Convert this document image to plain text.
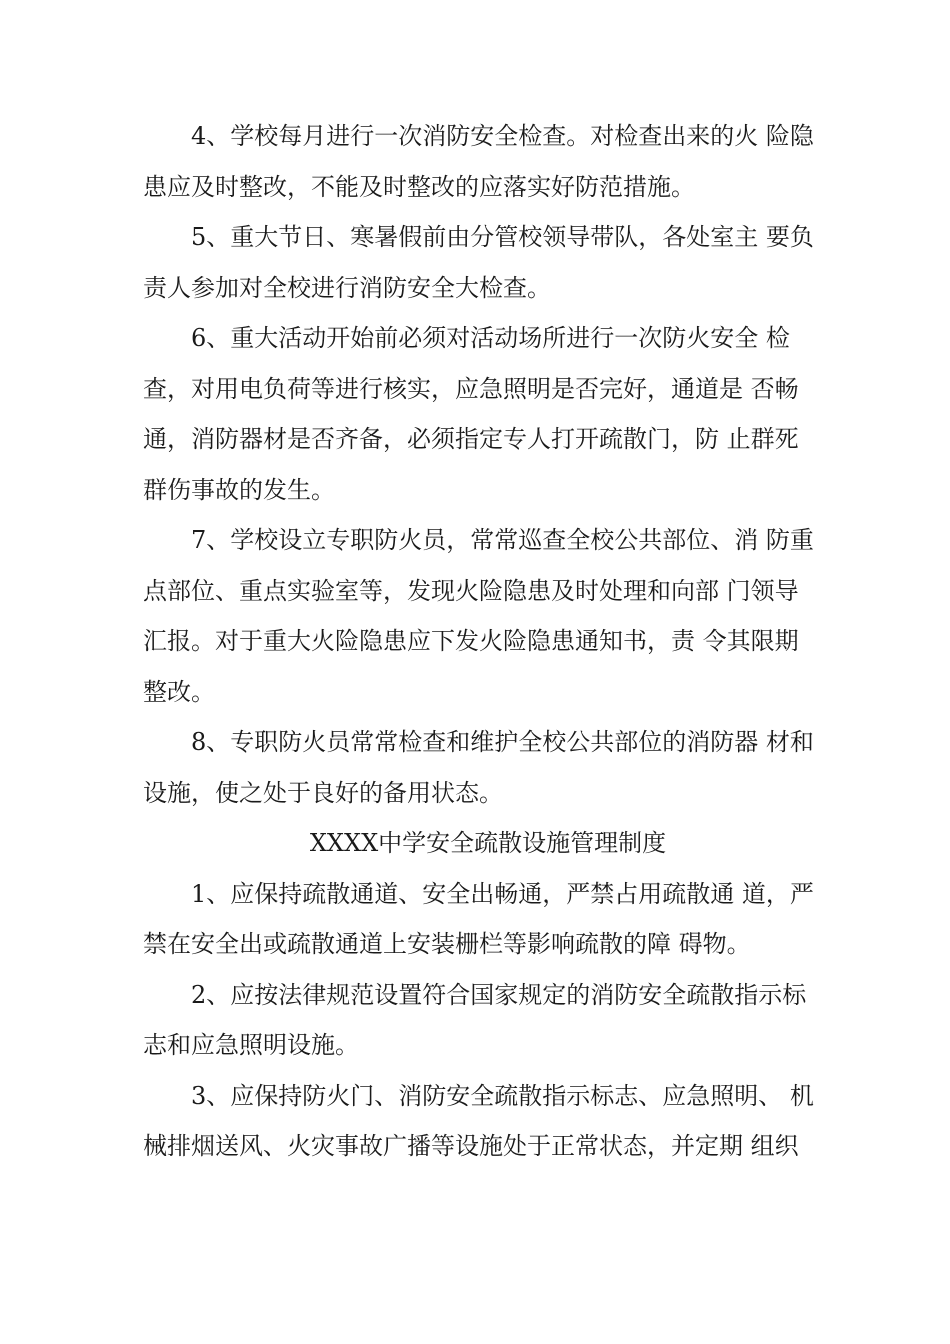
4、学校每月进行一次消防安全检查。对检查出来的火 险隐
患应及时整改，不能及时整改的应落实好防范措施。
5、重大节日、寒暑假前由分管校领导带队，各处室主 要负
责人参加对全校进行消防安全大检查。
6、重大活动开始前必须对活动场所进行一次防火安全 检
查，对用电负荷等进行核实，应急照明是否完好，通道是 否畅
通，消防器材是否齐备，必须指定专人打开疏散门，防 止群死
群伤事故的发生。
7、学校设立专职防火员，常常巡查全校公共部位、消 防重
点部位、重点实验室等，发现火险隐患及时处理和向部 门领导
汇报。对于重大火险隐患应下发火险隐患通知书，责 令其限期
整改。
8、专职防火员常常检查和维护全校公共部位的消防器 材和
设施，使之处于良好的备用状态。
XXXX中学安全疏散设施管理制度
1、应保持疏散通道、安全出畅通，严禁占用疏散通 道，严
禁在安全出或疏散通道上安装栅栏等影响疏散的障 碍物。
2、应按法律规范设置符合国家规定的消防安全疏散指示标
志和应急照明设施。
3、应保持防火门、消防安全疏散指示标志、应急照明、 机
械排烟送风、火灾事故广播等设施处于正常状态，并定期 组织
